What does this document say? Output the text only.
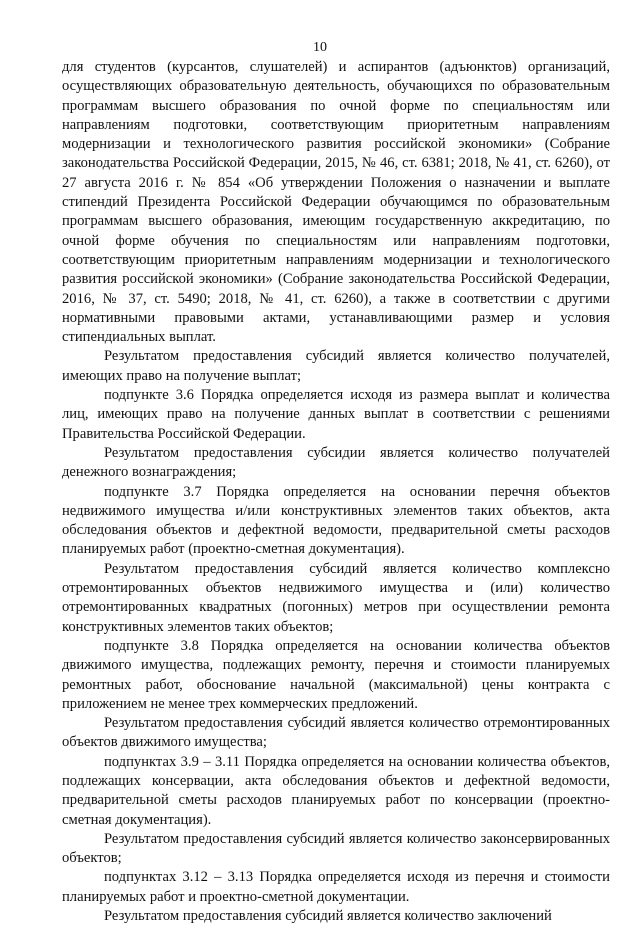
10

для студентов (курсантов, слушателей) и аспирантов (адъюнктов) организаций, осуществляющих образовательную деятельность, обучающихся по образовательным программам высшего образования по очной форме по специальностям или направлениям подготовки, соответствующим приоритетным направлениям модернизации и технологического развития российской экономики» (Собрание законодательства Российской Федерации, 2015, № 46, ст. 6381; 2018, № 41, ст. 6260), от 27 августа 2016 г. № 854 «Об утверждении Положения о назначении и выплате стипендий Президента Российской Федерации обучающимся по образовательным программам высшего образования, имеющим государственную аккредитацию, по очной форме обучения по специальностям или направлениям подготовки, соответствующим приоритетным направлениям модернизации и технологического развития российской экономики» (Собрание законодательства Российской Федерации, 2016, № 37, ст. 5490; 2018, № 41, ст. 6260), а также в соответствии с другими нормативными правовыми актами, устанавливающими размер и условия стипендиальных выплат.

Результатом предоставления субсидий является количество получателей, имеющих право на получение выплат;

подпункте 3.6 Порядка определяется исходя из размера выплат и количества лиц, имеющих право на получение данных выплат в соответствии с решениями Правительства Российской Федерации.

Результатом предоставления субсидии является количество получателей денежного вознаграждения;

подпункте 3.7 Порядка определяется на основании перечня объектов недвижимого имущества и/или конструктивных элементов таких объектов, акта обследования объектов и дефектной ведомости, предварительной сметы расходов планируемых работ (проектно-сметная документация).

Результатом предоставления субсидий является количество комплексно отремонтированных объектов недвижимого имущества и (или) количество отремонтированных квадратных (погонных) метров при осуществлении ремонта конструктивных элементов таких объектов;

подпункте 3.8 Порядка определяется на основании количества объектов движимого имущества, подлежащих ремонту, перечня и стоимости планируемых ремонтных работ, обоснование начальной (максимальной) цены контракта с приложением не менее трех коммерческих предложений.

Результатом предоставления субсидий является количество отремонтированных объектов движимого имущества;

подпунктах 3.9 – 3.11 Порядка определяется на основании количества объектов, подлежащих консервации, акта обследования объектов и дефектной ведомости, предварительной сметы расходов планируемых работ по консервации (проектно-сметная документация).

Результатом предоставления субсидий является количество законсервированных объектов;

подпунктах 3.12 – 3.13 Порядка определяется исходя из перечня и стоимости планируемых работ и проектно-сметной документации.

Результатом предоставления субсидий является количество заключений
